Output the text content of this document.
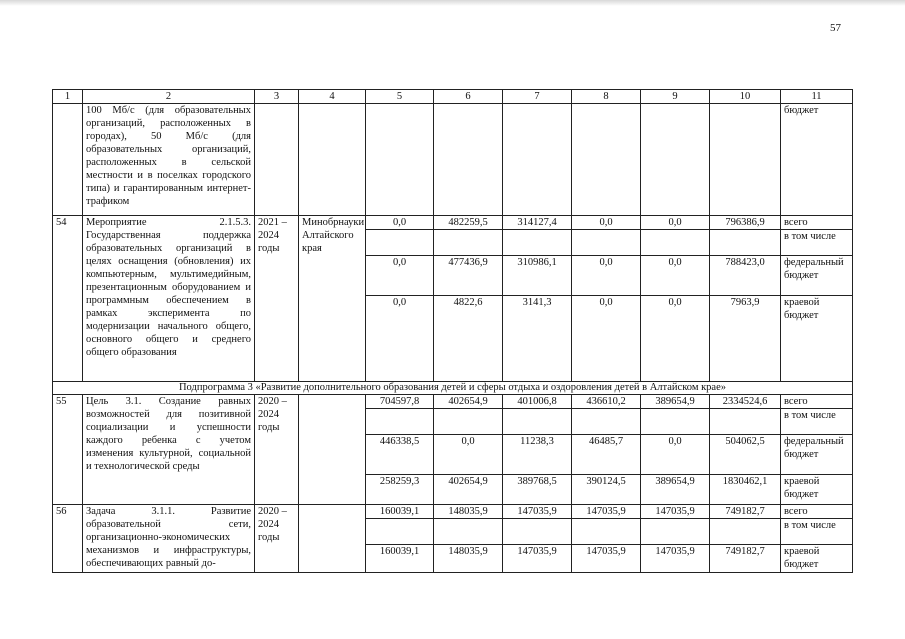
57
1	2	3	4	5	6	7	8	9	10	11
	100 Мб/с (для образовательных организаций, расположенных в городах), 50 Мб/с (для образовательных организаций, расположенных в сельской местности и в поселках городского типа) и гарантированным интернет-трафиком									бюджет
54	Мероприятие 2.1.5.3. Государственная поддержка образовательных организаций в целях оснащения (обновления) их компьютерным, мультимедийным, презентационным оборудованием и программным обеспечением в рамках эксперимента по модернизации начального общего, основного общего и среднего общего образования	2021 – 2024 годы	Минобрнауки Алтайского края	0,0	482259,5	314127,4	0,0	0,0	796386,9	всего
										в том числе
				0,0	477436,9	310986,1	0,0	0,0	788423,0	федеральный бюджет
				0,0	4822,6	3141,3	0,0	0,0	7963,9	краевой бюджет
Подпрограмма 3 «Развитие дополнительного образования детей и сферы отдыха и оздоровления детей в Алтайском крае»										
55	Цель 3.1. Создание равных возможностей для позитивной социализации и успешности каждого ребенка с учетом изменения культурной, социальной и технологической среды	2020 – 2024 годы		704597,8	402654,9	401006,8	436610,2	389654,9	2334524,6	всего
										в том числе
				446338,5	0,0	11238,3	46485,7	0,0	504062,5	федеральный бюджет
				258259,3	402654,9	389768,5	390124,5	389654,9	1830462,1	краевой бюджет
56	Задача 3.1.1. Развитие образовательной сети, организационно-экономических механизмов и инфраструктуры, обеспечивающих равный до-	2020 – 2024 годы		160039,1	148035,9	147035,9	147035,9	147035,9	749182,7	всего
										в том числе
				160039,1	148035,9	147035,9	147035,9	147035,9	749182,7	краевой бюджет
